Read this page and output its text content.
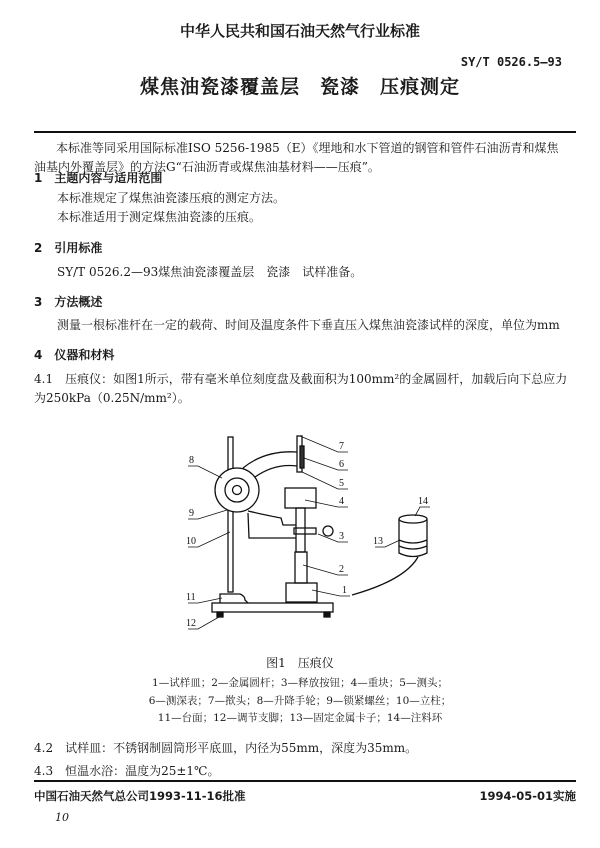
中华人民共和国石油天然气行业标准
SY/T 0526.5—93
煤焦油瓷漆覆盖层　瓷漆　压痕测定
本标准等同采用国际标准ISO 5256-1985（E）《埋地和水下管道的钢管和管件石油沥青和煤焦
油基内外覆盖层》的方法G“石油沥青或煤焦油基材料——压痕”。
1　主题内容与适用范围
本标准规定了煤焦油瓷漆压痕的测定方法。
本标准适用于测定煤焦油瓷漆的压痕。
2　引用标准
SY/T 0526.2—93煤焦油瓷漆覆盖层　瓷漆　试样准备。
3　方法概述
测量一根标准杆在一定的载荷、时间及温度条件下垂直压入煤焦油瓷漆试样的深度，单位为mm
4　仪器和材料
4.1　压痕仪：如图1所示，带有毫米单位刻度盘及截面积为100mm²的金属圆杆，加载后向下总应力
为250kPa（0.25N/mm²）。
7
6
5
4
3
2
1
8
9
10
11
12
13
14
图1　压痕仪
1—试样皿；2—金属圆杆；3—释放按钮；4—重块；5—测头；
6—测深表；7—揿头；8—升降手轮；9—锁紧螺丝；10—立柱；
11—台面；12—调节支脚；13—固定金属卡子；14—注料环
4.2　试样皿：不锈钢制圆筒形平底皿，内径为55mm，深度为35mm。
4.3　恒温水浴：温度为25±1℃。
中国石油天然气总公司1993-11-16批准	1994-05-01实施
10
